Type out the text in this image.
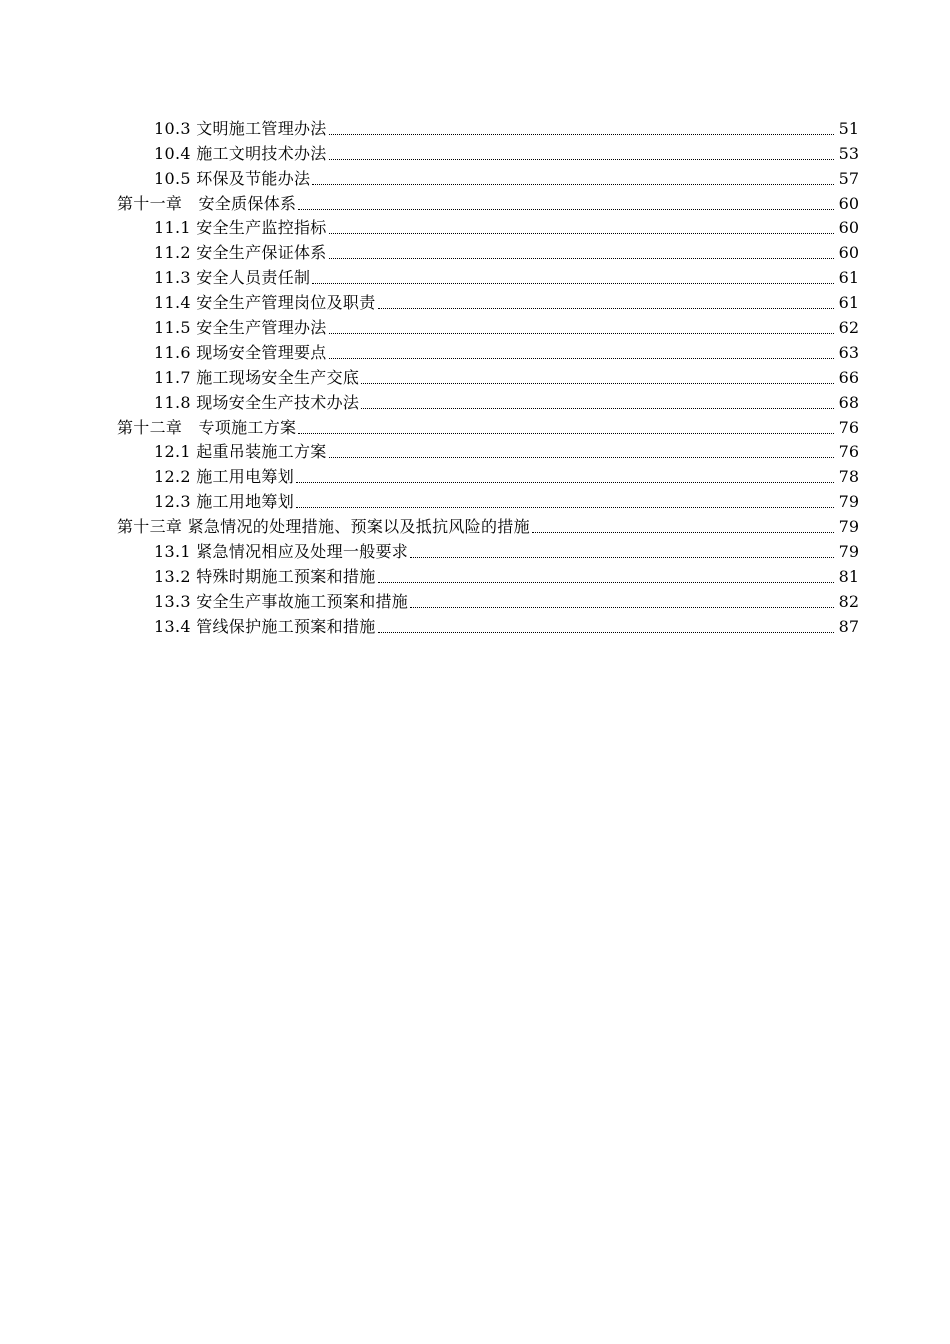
10.3 文明施工管理办法	51
10.4 施工文明技术办法	53
10.5 环保及节能办法	57
第十一章　安全质保体系	60
11.1 安全生产监控指标	60
11.2 安全生产保证体系	60
11.3 安全人员责任制	61
11.4 安全生产管理岗位及职责	61
11.5 安全生产管理办法	62
11.6 现场安全管理要点	63
11.7 施工现场安全生产交底	66
11.8 现场安全生产技术办法	68
第十二章　专项施工方案	76
12.1 起重吊装施工方案	76
12.2 施工用电筹划	78
12.3 施工用地筹划	79
第十三章 紧急情况的处理措施、预案以及抵抗风险的措施	79
13.1 紧急情况相应及处理一般要求	79
13.2 特殊时期施工预案和措施	81
13.3 安全生产事故施工预案和措施	82
13.4 管线保护施工预案和措施	87
